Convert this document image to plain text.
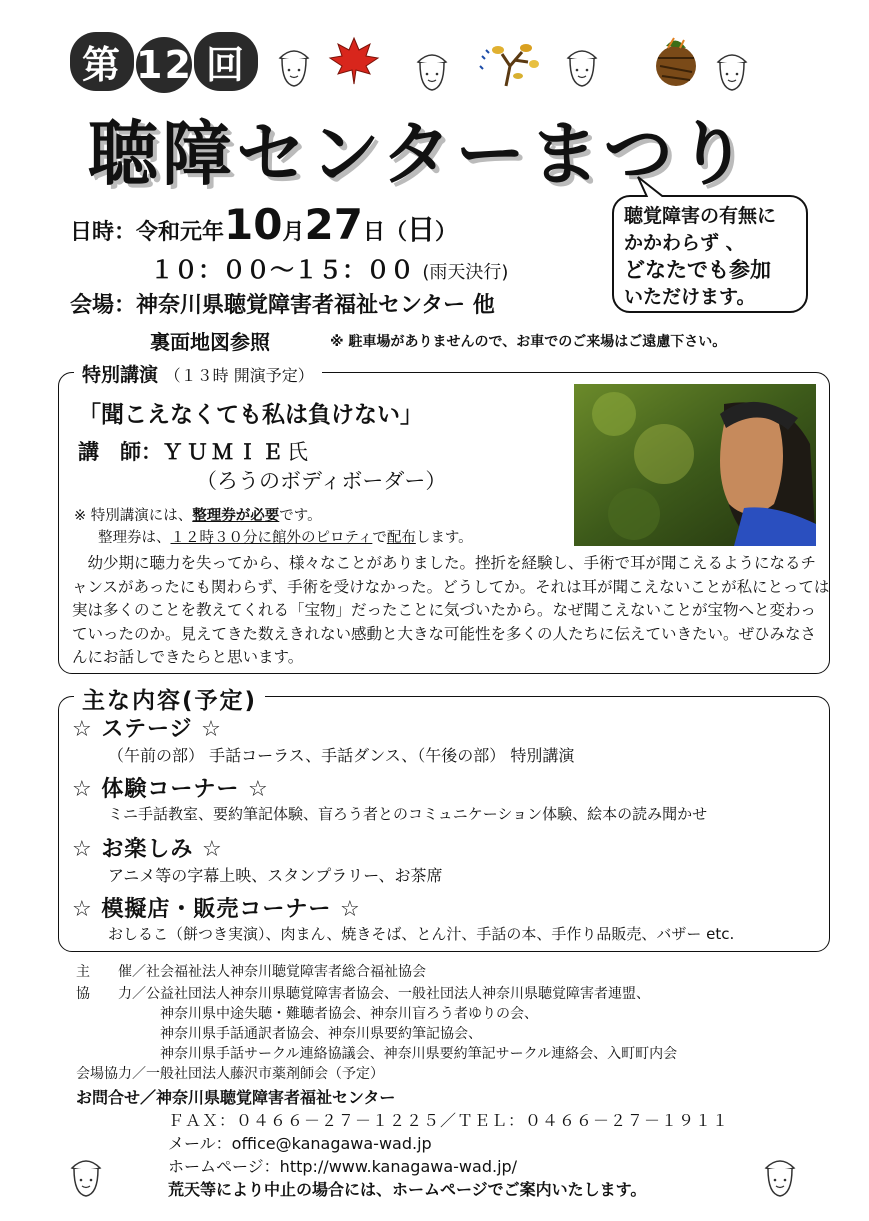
第 12 回
聴障センターまつり
日時：令和元年10月27日（日）
１０：００～１５：００ (雨天決行)
会場：神奈川県聴覚障害者福祉センター 他
裏面地図参照	※ 駐車場がありませんので、お車でのご来場はご遠慮下さい。
聴覚障害の有無に
かかわらず 、
どなたでも参加
いただけます。
特別講演 （１３時 開演予定）
「聞こえなくても私は負けない」
講　師：ＹＵＭＩＥ氏
（ろうのボディボーダー）
※ 特別講演には、整理券が必要です。
整理券は、１２時３０分に館外のピロティで配布します。
幼少期に聴力を失ってから、様々なことがありました。挫折を経験し、手術で耳が聞こえるようになるチャンスがあったにも関わらず、手術を受けなかった。どうしてか。それは耳が聞こえないことが私にとっては実は多くのことを教えてくれる「宝物」だったことに気づいたから。なぜ聞こえないことが宝物へと変わっていったのか。見えてきた数えきれない感動と大きな可能性を多くの人たちに伝えていきたい。ぜひみなさんにお話しできたらと思います。
主な内容(予定)
☆ ステージ ☆
（午前の部） 手話コーラス、手話ダンス、（午後の部） 特別講演
☆ 体験コーナー ☆
ミニ手話教室、要約筆記体験、盲ろう者とのコミュニケーション体験、絵本の読み聞かせ
☆ お楽しみ ☆
アニメ等の字幕上映、スタンプラリー、お茶席
☆ 模擬店・販売コーナー ☆
おしるこ（餅つき実演）、肉まん、焼きそば、とん汁、手話の本、手作り品販売、バザー etc.
主　　催／社会福祉法人神奈川聴覚障害者総合福祉協会
協　　力／公益社団法人神奈川県聴覚障害者協会、一般社団法人神奈川県聴覚障害者連盟、
神奈川県中途失聴・難聴者協会、神奈川盲ろう者ゆりの会、
神奈川県手話通訳者協会、神奈川県要約筆記協会、
神奈川県手話サークル連絡協議会、神奈川県要約筆記サークル連絡会、入町町内会
会場協力／一般社団法人藤沢市薬剤師会（予定）
お問合せ／神奈川県聴覚障害者福祉センター
ＦＡＸ：０４６６－２７－１２２５／ＴＥＬ：０４６６－２７－１９１１
メール：office@kanagawa-wad.jp
ホームページ：http://www.kanagawa-wad.jp/
荒天等により中止の場合には、ホームページでご案内いたします。
